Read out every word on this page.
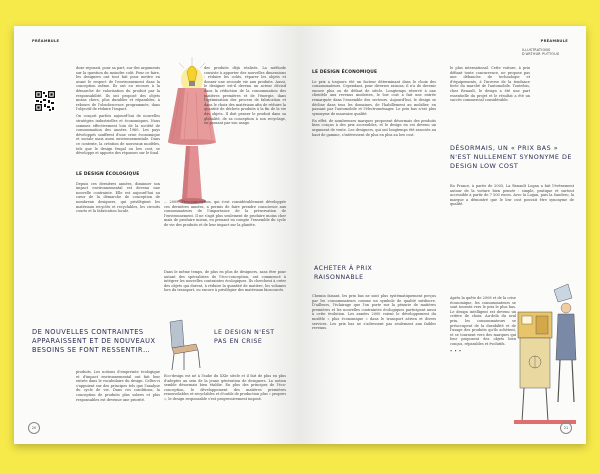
PRÉAMBULE

doxe reposait, pour sa part, sur des arguments sur la question du moindre coût. Pour ce faire, les designers ont tout fait pour mettre en avant le respect de l'environnement dans la conception même. Ils ont eu recours à la démarche de valorisation du produit par la responsabilité. Ils ont proposé des objets moins chers, plus durables et réparables, à rebours de l'obsolescence programmée, dans l'objectif de réduire l'impact.

On conçoit parfois aujourd'hui de nouvelles stratégies industrielles et économiques. Nous sommes effectivement loin de la société de consommation des années 1960. Les pays développés souffrent d'une crise économique et sociale mais aussi environnementale. Dans ce contexte, la création de nouveaux modèles, tels que le design frugal ou low cost, se développe et apporte des réponses sur le fond.

des produits déjà réalisés. La méthode consiste à apporter des nouvelles dimensions : réduire les coûts, réparer les objets et donner une seconde vie aux produits. Aussi, le designer est-il devenu un acteur décisif dans la réduction de la consommation des matières premières et de l'énergie, dans l'optimisation des process de fabrication et dans le choix des matériaux afin de réduire la quantité de déchets produits à la fin de la vie des objets. Il doit penser le produit dans sa globalité, de sa conception à son recyclage, en passant par son usage.

LE DESIGN ÉCOLOGIQUE

Depuis ces dernières années, diminuer son impact environnemental est devenu une nouvelle contrainte. Elle est aujourd'hui au cœur de la démarche de conception de nombreux designers, qui privilégient les matériaux recyclés et recyclables, les circuits courts et la fabrication locale.

... 2009, l'éco-conception, qui s'est considérablement développée ces dernières années, a permis de faire prendre conscience aux consommateurs de l'importance de la préservation de l'environnement. Il ne s'agit plus seulement de produire moins cher mais de produire mieux, en prenant en compte l'ensemble du cycle de vie des produits et de leur impact sur la planète.

Dans le même temps, de plus en plus de designers, sans être pour autant des spécialistes de l'éco-conception, ont commencé à intégrer les nouvelles contraintes écologiques. Ils cherchent à créer des objets qui durent, à réduire la quantité de matière, les volumes lors du transport, ou encore à privilégier des matériaux biosourcés.

DE NOUVELLES CONTRAINTES APPARAISSENT ET DE NOUVEAUX BESOINS SE FONT RESSENTIR…
LE DESIGN N'EST PAS EN CRISE

produits. Les notions d'empreinte écologique et d'impact environnemental ont fait leur entrée dans le vocabulaire du design. Celles-ci s'appuient sur des principes tels que l'analyse du cycle de vie. Dans ces conditions, la conception de produits plus sobres et plus responsables est devenue une priorité.

Éco-design est né à l'aube du XXIe siècle et il fait de plus en plus d'adeptes au sein de la jeune génération de designers. La notion semble désormais bien établie. En plus des principes de l'éco-conception, le développement des matières premières renouvelables et recyclables et d'outils de production plus « propres », le design responsable s'est progressivement imposé.

20
PRÉAMBULE
ILLUSTRATIONS D'ARTHUR PUTTOUX
LE DESIGN ÉCONOMIQUE

Le prix a toujours été un facteur déterminant dans le choix des consommateurs. Cependant, pour diverses raisons, il n'a de devenir encore plus ou de défaut de siècle. Longtemps réservé à une clientèle aux revenus modestes, le low cost a fait une entrée remarquée dans l'ensemble des secteurs. Aujourd'hui, le design se décline dans tous les domaines, de l'habillement au mobilier, en passant par l'automobile et l'électroménager. Le prix bas n'est plus synonyme de mauvaise qualité.

En effet, de nombreuses marques proposent désormais des produits bien conçus à des prix accessibles, et le design en est devenu un argument de vente. Les designers, qui ont longtemps été associés au haut de gamme, s'intéressent de plus en plus au low cost.

ACHETER À PRIX RAISONNABLE

Chemin faisant, les prix bas ne sont plus systématiquement perçus par les consommateurs comme un symbole de qualité médiocre. D'ailleurs, l'éclairage que l'on porte sur la pénurie de matières premières et les nouvelles contraintes écologiques participent aussi à cette évolution. Les années 2000 voient le développement du modèle « plus économique » dans le transport aérien et divers services. Les prix bas ne s'adressent pas seulement aux faibles revenus.

le plus international. Cette voiture, à prix défiant toute concurrence, ne propose pas une débauche de technologie et d'équipements, à l'inverse de la tendance forte du marché de l'automobile. Toutefois, chez Renault, le design a été une part essentielle du projet et le résultat a été un succès commercial considérable.

DÉSORMAIS, UN « PRIX BAS » N'EST NULLEMENT SYNONYME DE DESIGN LOW COST

En France, à partir de 2005, La Renault Logan a fait l'événement autour de la voiture bien pensée : simple, pratique et surtout accessible à partir de 7 500 euros. Avec la Logan, puis la Sandero, la marque a démontré que le low cost pouvait être synonyme de qualité.

Après la quête de 2008 et de la crise économique, les consommateurs se sont tournés vers le prix le plus bas. Le design intelligent est devenu un critère de choix. Au-delà du seul prix, les consommateurs se préoccupent de la durabilité et de l'usage des produits qu'ils achètent, et se tournent vers des marques qui leur proposent des objets bien conçus, réparables et évolutifs.

• • •

21
